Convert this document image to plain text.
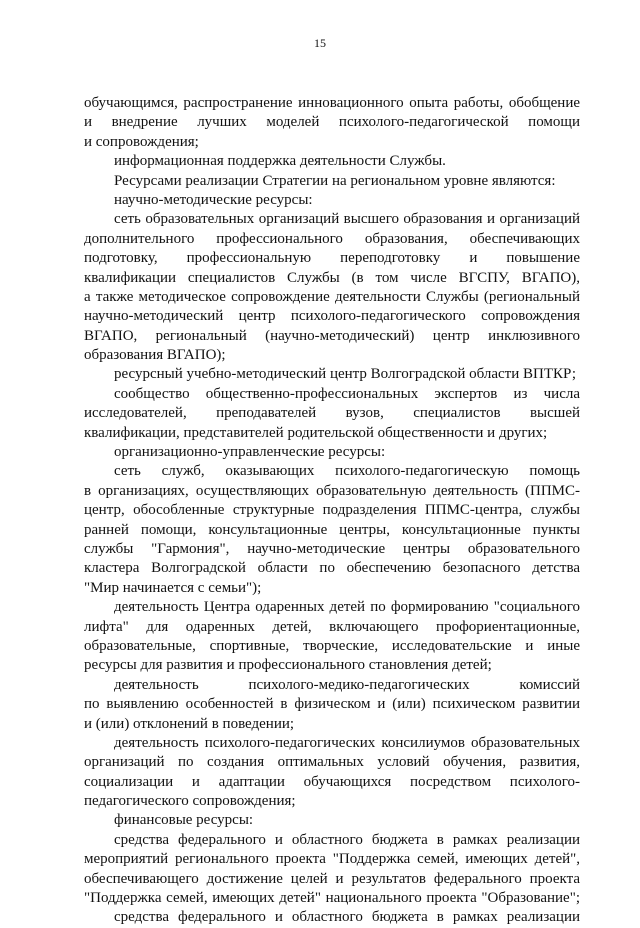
15
обучающимся, распространение инновационного опыта работы, обобщение
и внедрение лучших моделей психолого-педагогической помощи
и сопровождения;
информационная поддержка деятельности Службы.
Ресурсами реализации Стратегии на региональном уровне являются:
научно-методические ресурсы:
сеть образовательных организаций высшего образования и организаций
дополнительного профессионального образования, обеспечивающих
подготовку, профессиональную переподготовку и повышение
квалификации специалистов Службы (в том числе ВГСПУ, ВГАПО),
а также методическое сопровождение деятельности Службы (региональный
научно-методический центр психолого-педагогического сопровождения
ВГАПО, региональный (научно-методический) центр инклюзивного
образования ВГАПО);
ресурсный учебно-методический центр Волгоградской области ВПТКР;
сообщество общественно-профессиональных экспертов из числа
исследователей, преподавателей вузов, специалистов высшей
квалификации, представителей родительской общественности и других;
организационно-управленческие ресурсы:
сеть служб, оказывающих психолого-педагогическую помощь
в организациях, осуществляющих образовательную деятельность (ППМС-
центр, обособленные структурные подразделения ППМС-центра, службы
ранней помощи, консультационные центры, консультационные пункты
службы "Гармония", научно-методические центры образовательного
кластера Волгоградской области по обеспечению безопасного детства
"Мир начинается с семьи");
деятельность Центра одаренных детей по формированию "социального
лифта" для одаренных детей, включающего профориентационные,
образовательные, спортивные, творческие, исследовательские и иные
ресурсы для развития и профессионального становления детей;
деятельность психолого-медико-педагогических комиссий
по выявлению особенностей в физическом и (или) психическом развитии
и (или) отклонений в поведении;
деятельность психолого-педагогических консилиумов образовательных
организаций по создания оптимальных условий обучения, развития,
социализации и адаптации обучающихся посредством психолого-
педагогического сопровождения;
финансовые ресурсы:
средства федерального и областного бюджета в рамках реализации
мероприятий регионального проекта "Поддержка семей, имеющих детей",
обеспечивающего достижение целей и результатов федерального проекта
"Поддержка семей, имеющих детей" национального проекта "Образование";
средства федерального и областного бюджета в рамках реализации
